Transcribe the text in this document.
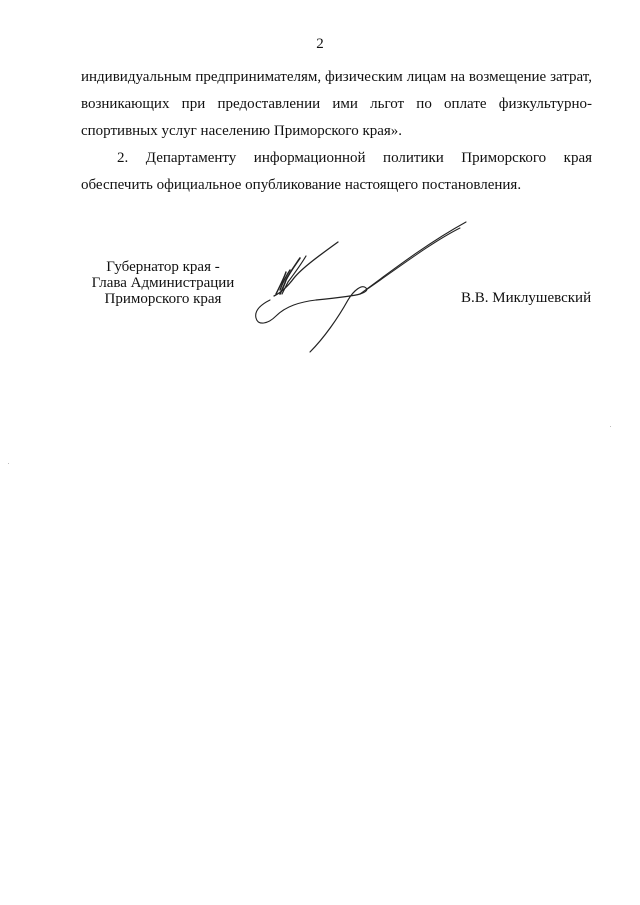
2
индивидуальным предпринимателям, физическим лицам на возмещение затрат,
возникающих при предоставлении ими льгот по оплате физкультурно-
спортивных услуг населению Приморского края».
2. Департаменту информационной политики Приморского края
обеспечить официальное опубликование настоящего постановления.
Губернатор края -
Глава Администрации
Приморского края	В.В. Миклушевский
